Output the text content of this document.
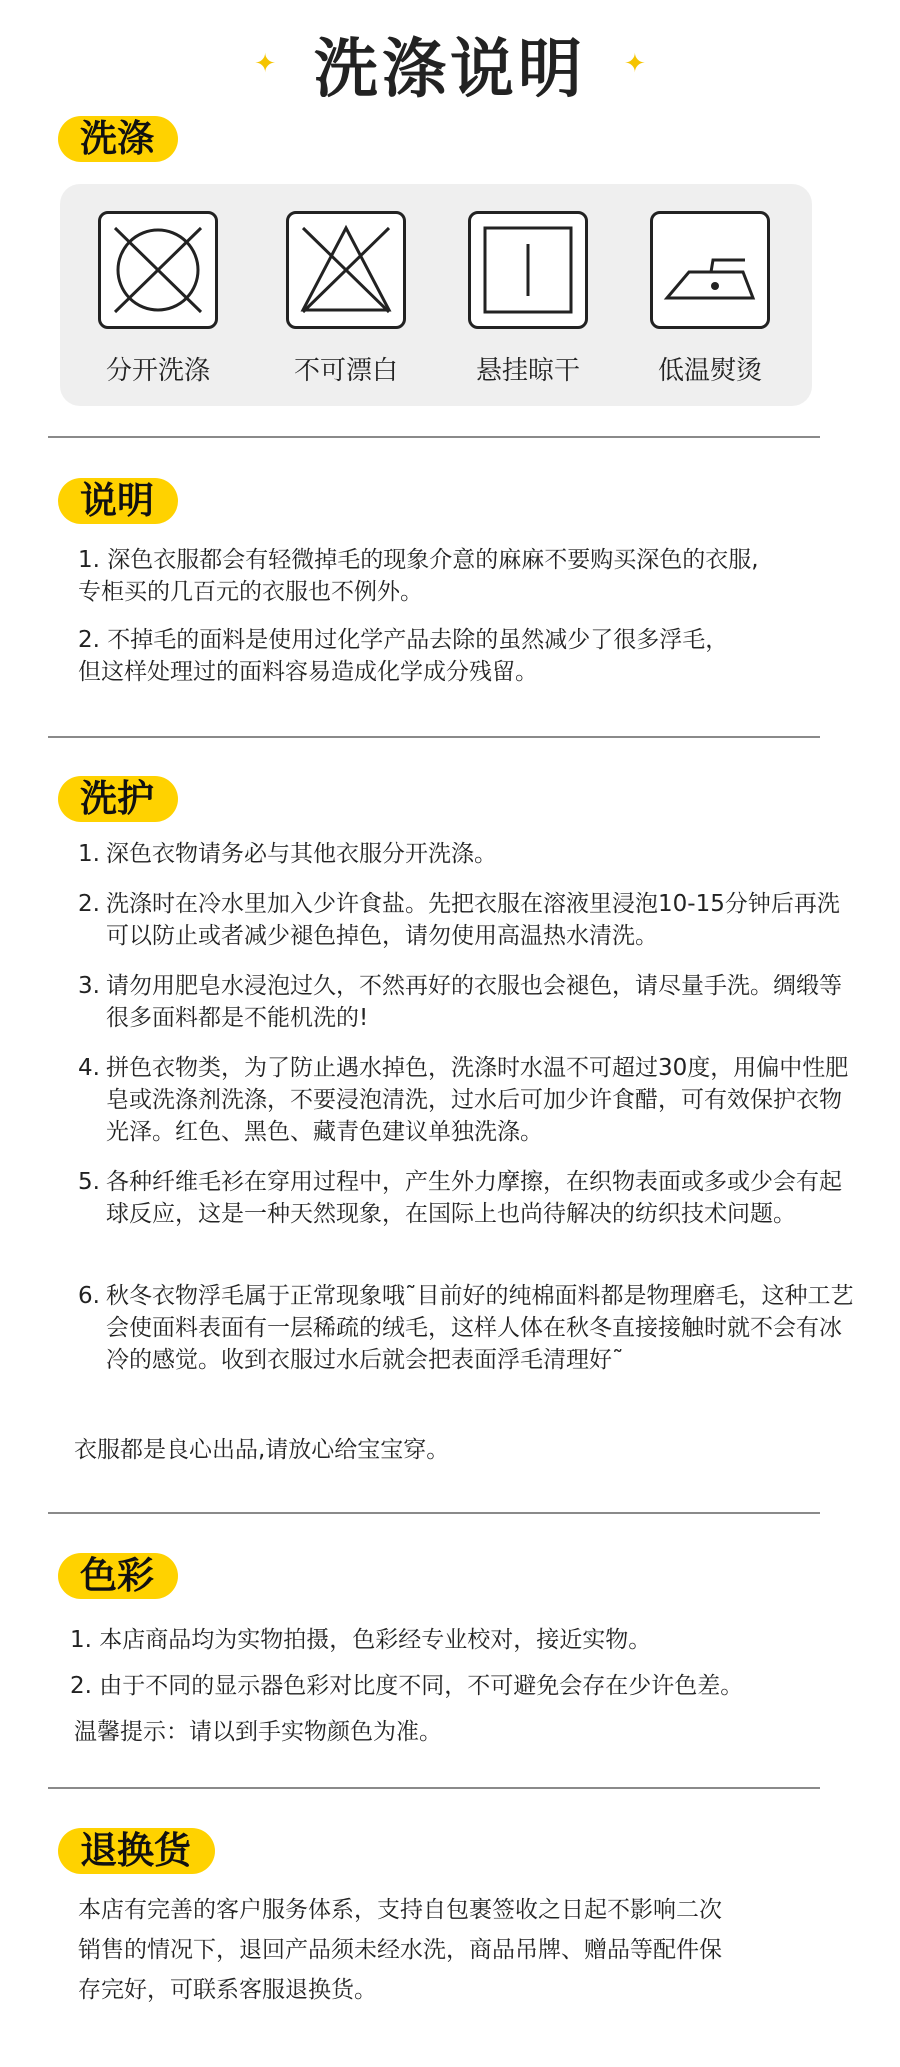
✦ 洗涤说明 ✦
洗涤
分开洗涤	不可漂白	悬挂晾干	低温熨烫
说明
1. 深色衣服都会有轻微掉毛的现象介意的麻麻不要购买深色的衣服,
专柜买的几百元的衣服也不例外。
2. 不掉毛的面料是使用过化学产品去除的虽然减少了很多浮毛，
但这样处理过的面料容易造成化学成分残留。
洗护
1. 深色衣物请务必与其他衣服分开洗涤。
2. 洗涤时在冷水里加入少许食盐。先把衣服在溶液里浸泡10-15分钟后再洗可以防止或者减少褪色掉色，请勿使用高温热水清洗。
3. 请勿用肥皂水浸泡过久，不然再好的衣服也会褪色，请尽量手洗。绸缎等很多面料都是不能机洗的!
4. 拼色衣物类，为了防止遇水掉色，洗涤时水温不可超过30度，用偏中性肥皂或洗涤剂洗涤，不要浸泡清洗，过水后可加少许食醋，可有效保护衣物光泽。红色、黑色、藏青色建议单独洗涤。
5. 各种纤维毛衫在穿用过程中，产生外力摩擦，在织物表面或多或少会有起球反应，这是一种天然现象，在国际上也尚待解决的纺织技术问题。
6. 秋冬衣物浮毛属于正常现象哦˜目前好的纯棉面料都是物理磨毛，这种工艺会使面料表面有一层稀疏的绒毛，这样人体在秋冬直接接触时就不会有冰冷的感觉。收到衣服过水后就会把表面浮毛清理好˜
衣服都是良心出品,请放心给宝宝穿。
色彩
1. 本店商品均为实物拍摄，色彩经专业校对，接近实物。
2. 由于不同的显示器色彩对比度不同，不可避免会存在少许色差。
温馨提示：请以到手实物颜色为准。
退换货
本店有完善的客户服务体系，支持自包裹签收之日起不影响二次
销售的情况下，退回产品须未经水洗，商品吊牌、赠品等配件保
存完好，可联系客服退换货。
